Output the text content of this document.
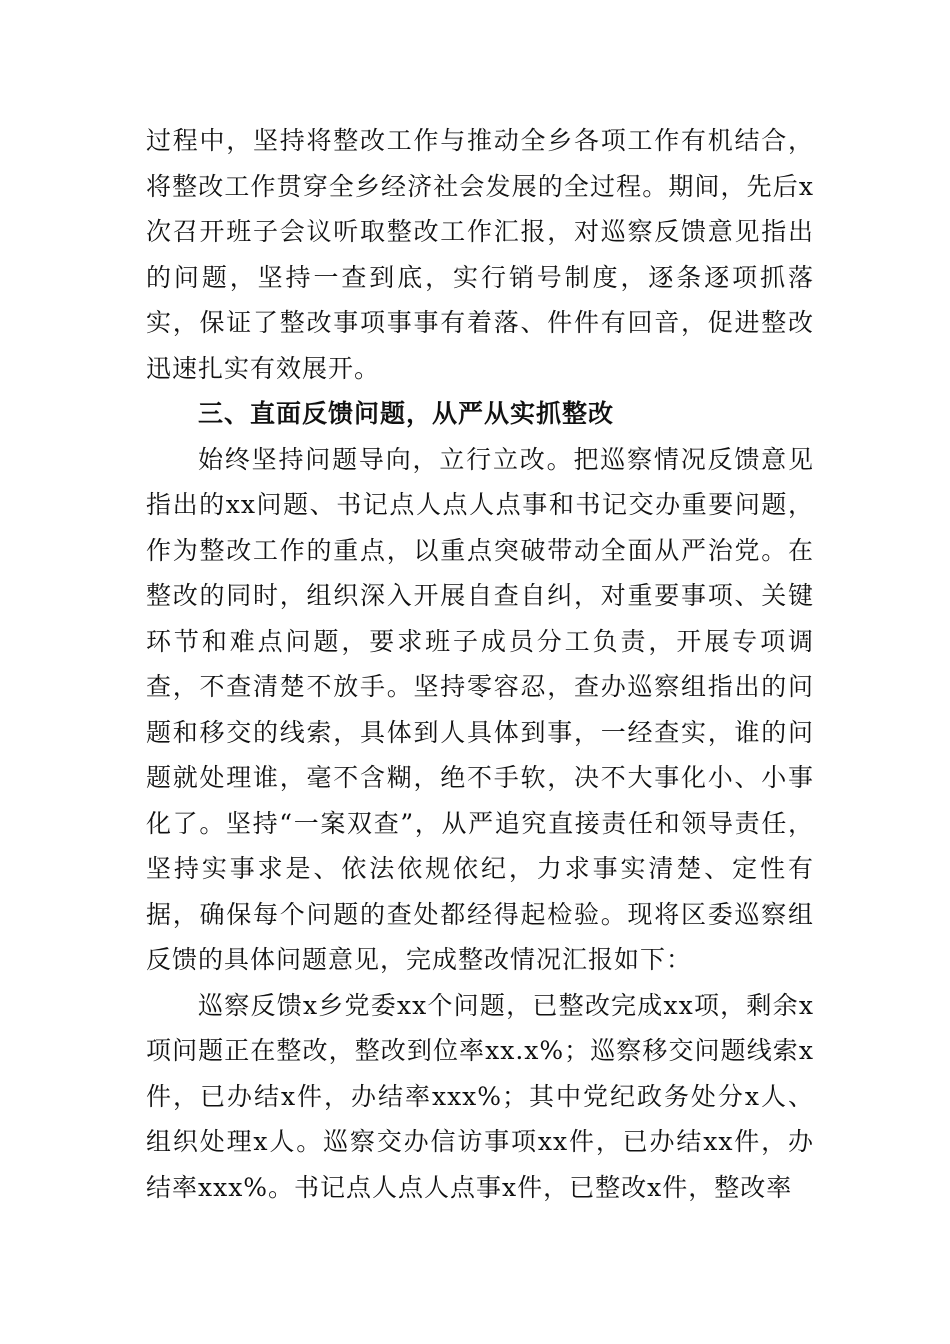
过程中，坚持将整改工作与推动全乡各项工作有机结合，将整改工作贯穿全乡经济社会发展的全过程。期间，先后x次召开班子会议听取整改工作汇报，对巡察反馈意见指出的问题，坚持一查到底，实行销号制度，逐条逐项抓落实，保证了整改事项事事有着落、件件有回音，促进整改迅速扎实有效展开。

三、直面反馈问题，从严从实抓整改

始终坚持问题导向，立行立改。把巡察情况反馈意见指出的xx问题、书记点人点人点事和书记交办重要问题，作为整改工作的重点，以重点突破带动全面从严治党。在整改的同时，组织深入开展自查自纠，对重要事项、关键环节和难点问题，要求班子成员分工负责，开展专项调查，不查清楚不放手。坚持零容忍，查办巡察组指出的问题和移交的线索，具体到人具体到事，一经查实，谁的问题就处理谁，毫不含糊，绝不手软，决不大事化小、小事化了。坚持“一案双查”，从严追究直接责任和领导责任，坚持实事求是、依法依规依纪，力求事实清楚、定性有据，确保每个问题的查处都经得起检验。现将区委巡察组反馈的具体问题意见，完成整改情况汇报如下：

巡察反馈x乡党委xx个问题，已整改完成xx项，剩余x项问题正在整改，整改到位率xx.x%；巡察移交问题线索x件，已办结x件，办结率xxx%；其中党纪政务处分x人、组织处理x人。巡察交办信访事项xx件，已办结xx件，办结率xxx%。书记点人点人点事x件，已整改x件，整改率
